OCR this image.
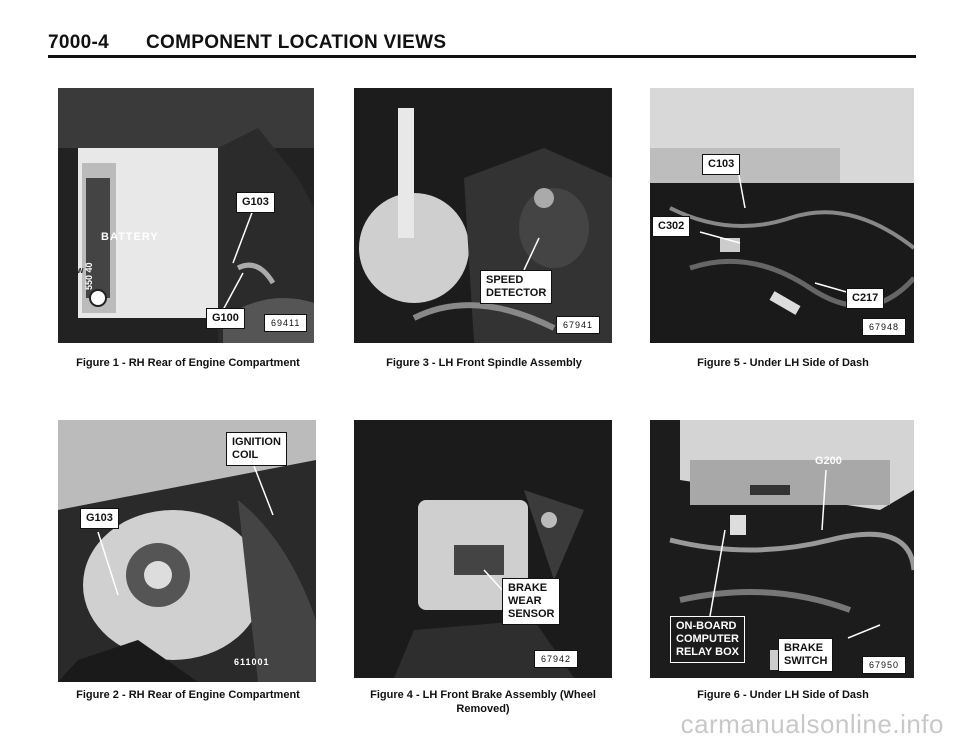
7000-4 COMPONENT LOCATION VIEWS
G103
BATTERY
G100	69411
Figure 1 - RH Rear of Engine Compartment
SPEED
DETECTOR
67941
Figure 3 - LH Front Spindle Assembly
C103
C302
C217
67948
Figure 5 - Under LH Side of Dash
IGNITION
COIL
G103
611001
Figure 2 - RH Rear of Engine Compartment
BRAKE
WEAR
SENSOR
67942
Figure 4 - LH Front Brake Assembly (Wheel
Removed)
G200
ON-BOARD
COMPUTER
RELAY BOX	BRAKE
SWITCH	67950
Figure 6 - Under LH Side of Dash
550 40
BMW
carmanualsonline.info
